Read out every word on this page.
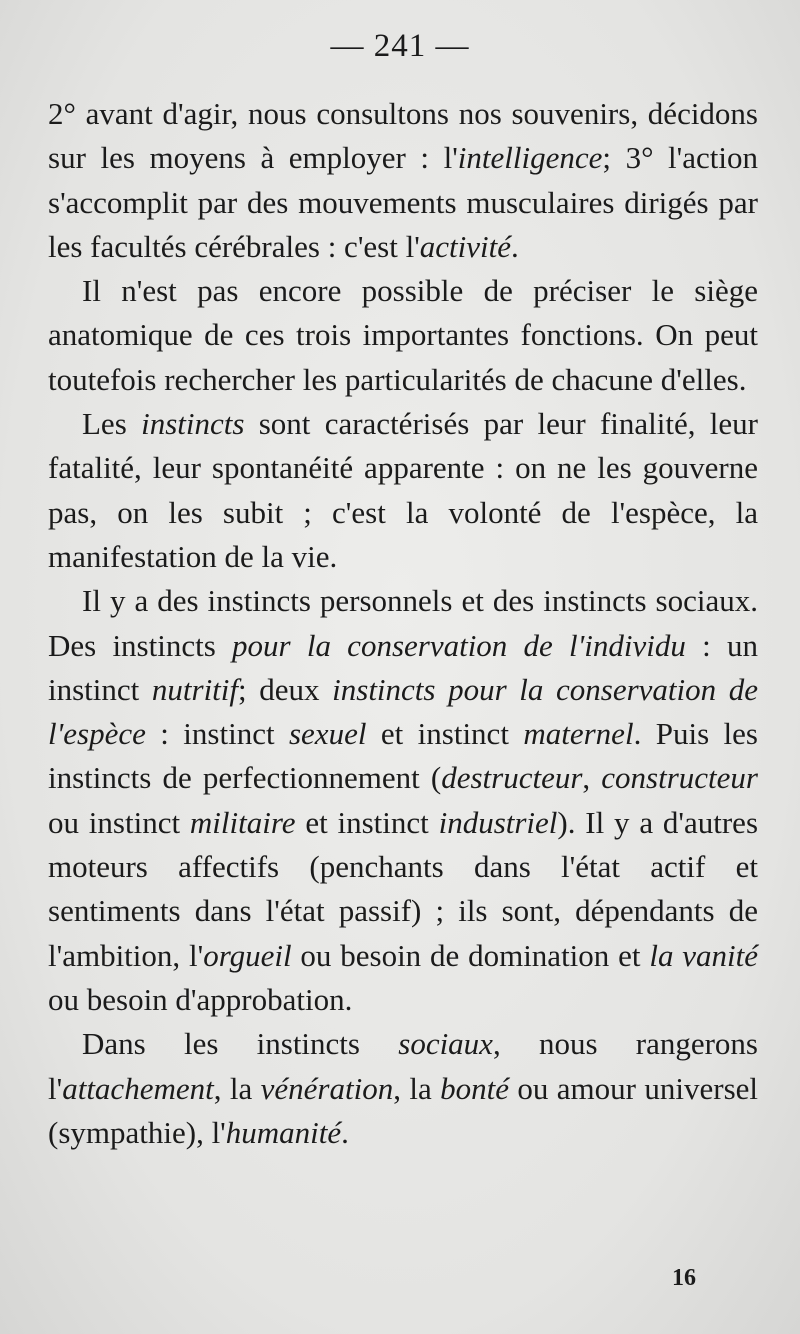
— 241 —

2° avant d'agir, nous consultons nos souvenirs, décidons sur les moyens à employer : l'intelligence; 3° l'action s'accomplit par des mouvements musculaires dirigés par les facultés cérébrales : c'est l'activité.

Il n'est pas encore possible de préciser le siège anatomique de ces trois importantes fonctions. On peut toutefois rechercher les particularités de chacune d'elles.

Les instincts sont caractérisés par leur finalité, leur fatalité, leur spontanéité apparente : on ne les gouverne pas, on les subit ; c'est la volonté de l'espèce, la manifestation de la vie.

Il y a des instincts personnels et des instincts sociaux. Des instincts pour la conservation de l'individu : un instinct nutritif; deux instincts pour la conservation de l'espèce : instinct sexuel et instinct maternel. Puis les instincts de perfectionnement (destructeur, constructeur ou instinct militaire et instinct industriel). Il y a d'autres moteurs affectifs (penchants dans l'état actif et sentiments dans l'état passif) ; ils sont, dépendants de l'ambition, l'orgueil ou besoin de domination et la vanité ou besoin d'approbation.

Dans les instincts sociaux, nous rangerons l'attachement, la vénération, la bonté ou amour universel (sympathie), l'humanité.

16
